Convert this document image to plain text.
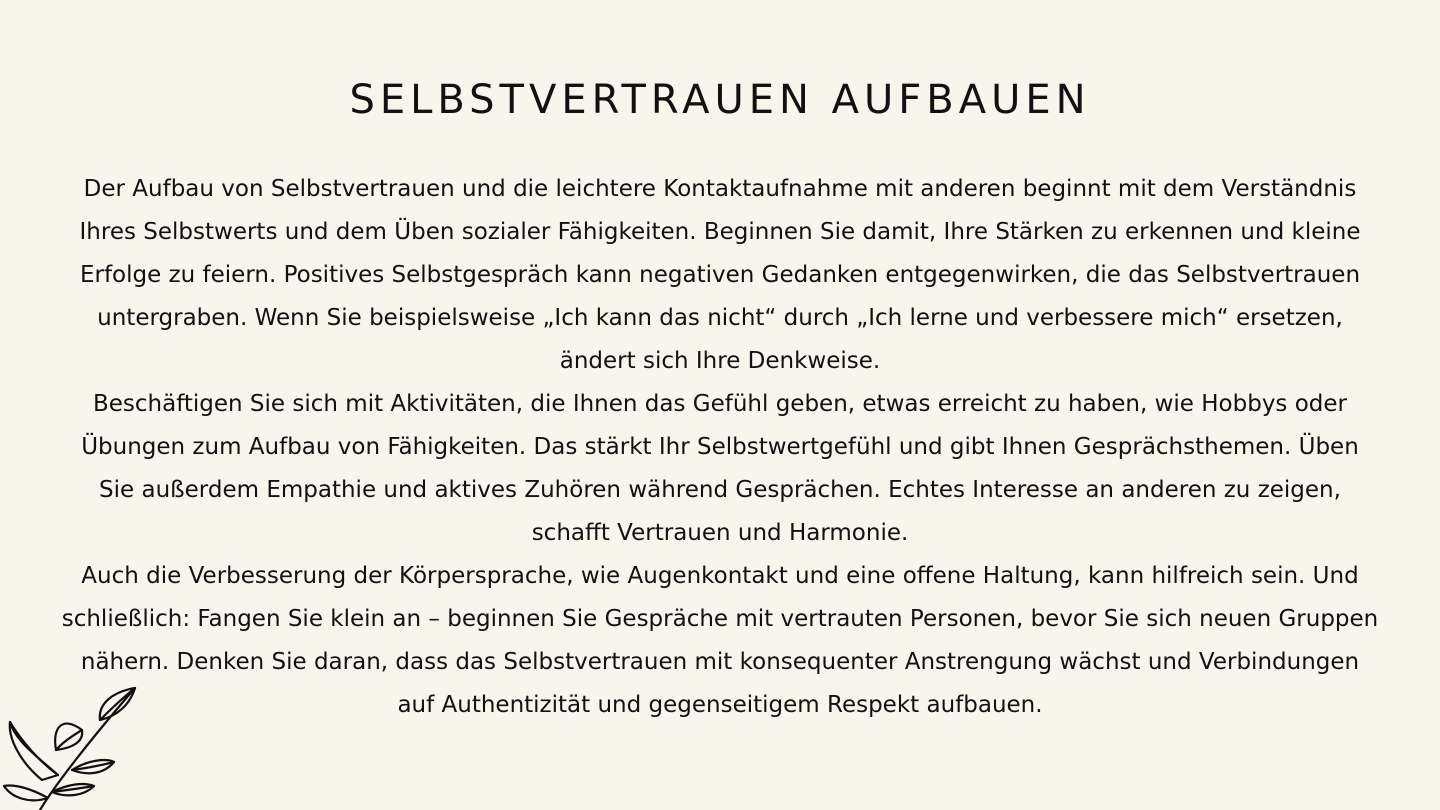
SELBSTVERTRAUEN AUFBAUEN

Der Aufbau von Selbstvertrauen und die leichtere Kontaktaufnahme mit anderen beginnt mit dem Verständnis Ihres Selbstwerts und dem Üben sozialer Fähigkeiten. Beginnen Sie damit, Ihre Stärken zu erkennen und kleine Erfolge zu feiern. Positives Selbstgespräch kann negativen Gedanken entgegenwirken, die das Selbstvertrauen untergraben. Wenn Sie beispielsweise „Ich kann das nicht“ durch „Ich lerne und verbessere mich“ ersetzen, ändert sich Ihre Denkweise.

Beschäftigen Sie sich mit Aktivitäten, die Ihnen das Gefühl geben, etwas erreicht zu haben, wie Hobbys oder Übungen zum Aufbau von Fähigkeiten. Das stärkt Ihr Selbstwertgefühl und gibt Ihnen Gesprächsthemen. Üben Sie außerdem Empathie und aktives Zuhören während Gesprächen. Echtes Interesse an anderen zu zeigen, schafft Vertrauen und Harmonie.

Auch die Verbesserung der Körpersprache, wie Augenkontakt und eine offene Haltung, kann hilfreich sein. Und schließlich: Fangen Sie klein an – beginnen Sie Gespräche mit vertrauten Personen, bevor Sie sich neuen Gruppen nähern. Denken Sie daran, dass das Selbstvertrauen mit konsequenter Anstrengung wächst und Verbindungen auf Authentizität und gegenseitigem Respekt aufbauen.
